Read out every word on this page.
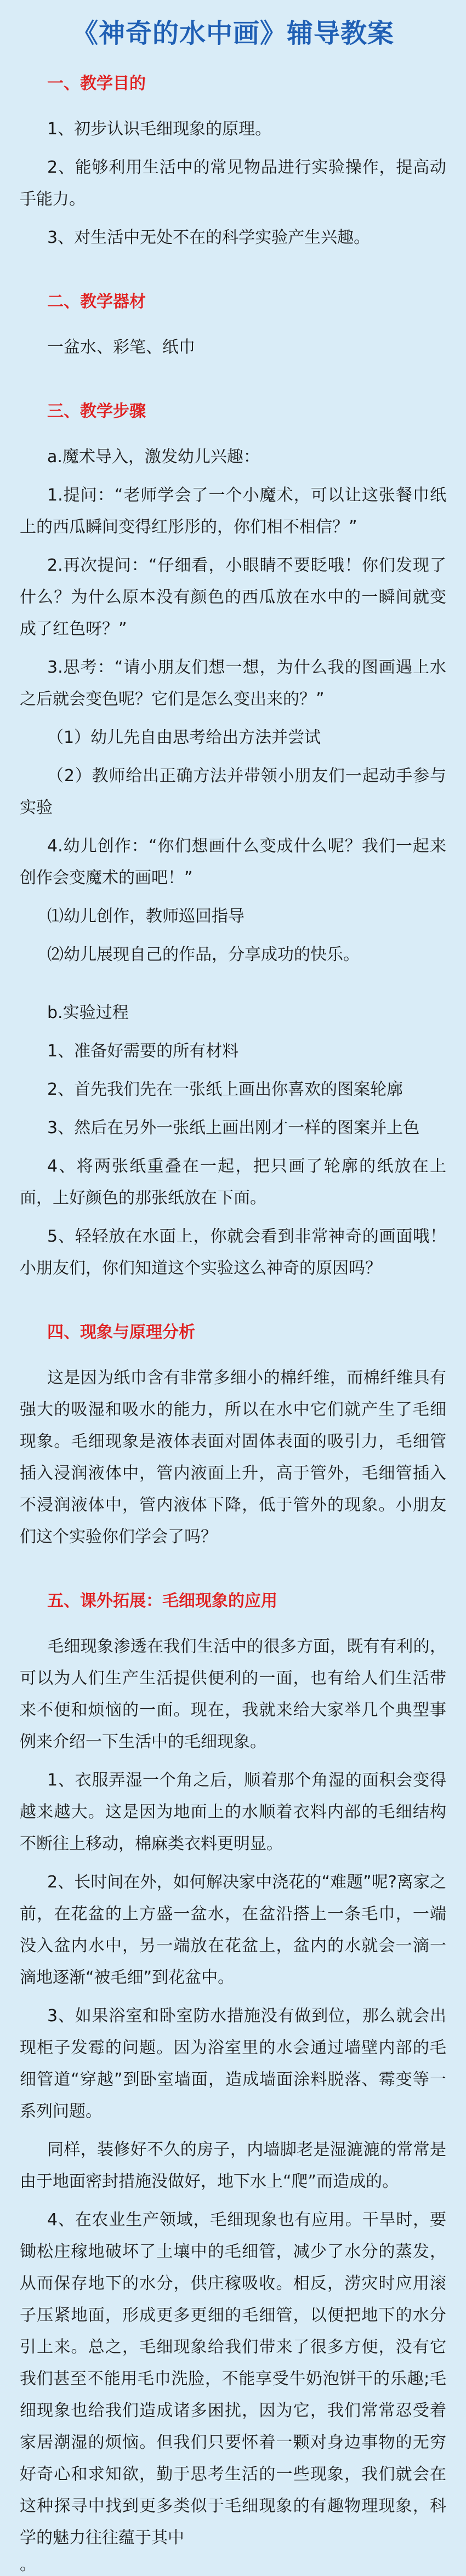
《神奇的水中画》辅导教案
一、教学目的

1、初步认识毛细现象的原理。

2、能够利用生活中的常见物品进行实验操作，提高动手能力。

3、对生活中无处不在的科学实验产生兴趣。

二、教学器材

一盆水、彩笔、纸巾

三、教学步骤

a.魔术导入，激发幼儿兴趣：

1.提问：“老师学会了一个小魔术，可以让这张餐巾纸上的西瓜瞬间变得红彤彤的，你们相不相信？”

2.再次提问：“仔细看，小眼睛不要眨哦！你们发现了什么？为什么原本没有颜色的西瓜放在水中的一瞬间就变成了红色呀？”

3.思考：“请小朋友们想一想，为什么我的图画遇上水之后就会变色呢？它们是怎么变出来的？”

（1）幼儿先自由思考给出方法并尝试

（2）教师给出正确方法并带领小朋友们一起动手参与实验

4.幼儿创作：“你们想画什么变成什么呢？我们一起来创作会变魔术的画吧！”

⑴幼儿创作，教师巡回指导

⑵幼儿展现自己的作品，分享成功的快乐。

b.实验过程

1、准备好需要的所有材料

2、首先我们先在一张纸上画出你喜欢的图案轮廓

3、然后在另外一张纸上画出刚才一样的图案并上色

4、将两张纸重叠在一起，把只画了轮廓的纸放在上面，上好颜色的那张纸放在下面。

5、轻轻放在水面上，你就会看到非常神奇的画面哦！小朋友们，你们知道这个实验这么神奇的原因吗？

四、现象与原理分析

这是因为纸巾含有非常多细小的棉纤维，而棉纤维具有强大的吸湿和吸水的能力，所以在水中它们就产生了毛细现象。毛细现象是液体表面对固体表面的吸引力，毛细管插入浸润液体中，管内液面上升，高于管外，毛细管插入不浸润液体中，管内液体下降，低于管外的现象。小朋友们这个实验你们学会了吗？

五、课外拓展：毛细现象的应用

毛细现象渗透在我们生活中的很多方面，既有有利的，可以为人们生产生活提供便利的一面，也有给人们生活带来不便和烦恼的一面。现在，我就来给大家举几个典型事例来介绍一下生活中的毛细现象。

1、衣服弄湿一个角之后，顺着那个角湿的面积会变得越来越大。这是因为地面上的水顺着衣料内部的毛细结构不断往上移动，棉麻类衣料更明显。

2、长时间在外，如何解决家中浇花的“难题”呢?离家之前，在花盆的上方盛一盆水，在盆沿搭上一条毛巾，一端没入盆内水中，另一端放在花盆上，盆内的水就会一滴一滴地逐渐“被毛细”到花盆中。

3、如果浴室和卧室防水措施没有做到位，那么就会出现柜子发霉的问题。因为浴室里的水会通过墙壁内部的毛细管道“穿越”到卧室墙面，造成墙面涂料脱落、霉变等一系列问题。

同样，装修好不久的房子，内墙脚老是湿漉漉的常常是由于地面密封措施没做好，地下水上“爬”而造成的。

4、在农业生产领域，毛细现象也有应用。干旱时，要锄松庄稼地破坏了土壤中的毛细管，减少了水分的蒸发，从而保存地下的水分，供庄稼吸收。相反，涝灾时应用滚子压紧地面，形成更多更细的毛细管，以便把地下的水分引上来。总之，毛细现象给我们带来了很多方便，没有它我们甚至不能用毛巾洗脸，不能享受牛奶泡饼干的乐趣;毛细现象也给我们造成诸多困扰，因为它，我们常常忍受着家居潮湿的烦恼。但我们只要怀着一颗对身边事物的无穷好奇心和求知欲，勤于思考生活的一些现象，我们就会在这种探寻中找到更多类似于毛细现象的有趣物理现象，科学的魅力往往蕴于其中

。
